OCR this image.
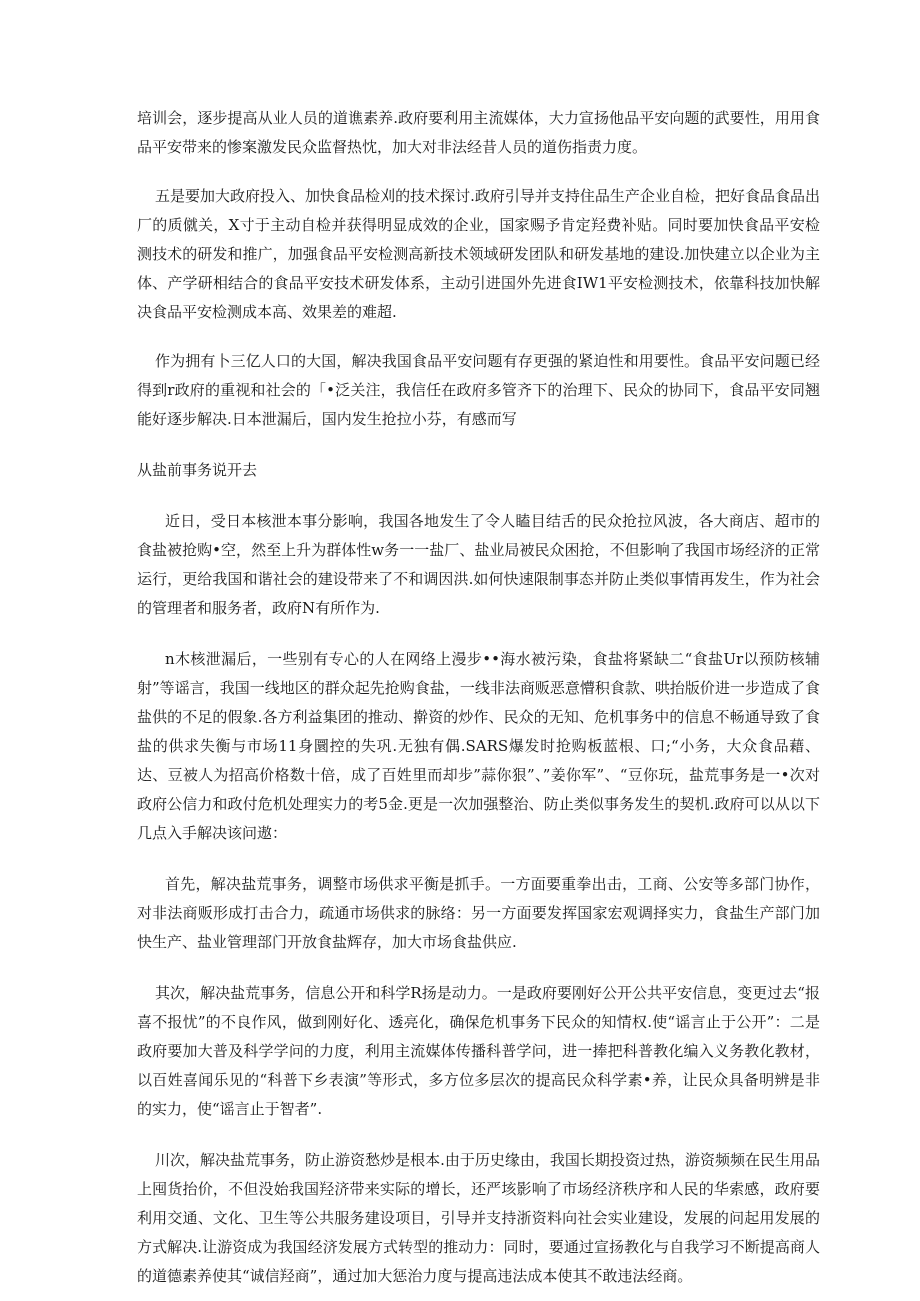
培训会，逐步提高从业人员的道谯素养.政府要利用主流媒体，大力宣扬他品平安向题的武要性，用用食品平安带来的惨案激发民众监督热忱，加大对非法经昔人员的道伤指责力度。

五是要加大政府投入、加快食品检刈的技术探讨.政府引导并支持住品生产企业自检，把好食品食品出厂的质僦关，X寸于主动自检并获得明显成效的企业，国家赐予肯定羟费补贴。同时要加快食品平安检测技术的研发和推广，加强食品平安检测高新技术领域研发团队和研发基地的建设.加快建立以企业为主体、产学研相结合的食品平安技术研发体系，主动引进国外先进食IW1平安检测技术，依靠科技加快解决食品平安检测成本高、效果差的难超.

作为拥有卜三亿人口的大国，解决我国食品平安问题有存更强的紧迫性和用要性。食品平安问题已经得到r政府的重视和社会的「•泛关注，我信任在政府多管齐下的治理下、民众的协同下，食品平安同翘能好逐步解决.日本泄漏后，国内发生抢拉小芬，有感而写

从盐前事务说开去

近日，受日本核泄本事分影响，我国各地发生了令人瞌目结舌的民众抢拉风波，各大商店、超市的食盐被抢购•空，然至上升为群体性w务一一盐厂、盐业局被民众困抢，不但影响了我国市场经济的正常运行，更给我国和谐社会的建设带来了不和调因洪.如何快速限制事态并防止类似事情再发生，作为社会的管理者和服务者，政府N有所作为.

n木核泄漏后，一些别有专心的人在网络上漫步••海水被污染，食盐将紧缺二“食盐Ur以预防核辅射”等谣言，我国一线地区的群众起先抢购食盐，一线非法商贩恶意懵积食款、哄抬版价进一步造成了食盐供的不足的假象.各方利益集团的推动、擀资的炒作、民众的无知、危机事务中的信息不畅通导致了食盐的供求失衡与市场11身圜控的失巩.无独有偶.SARS爆发时抢购板蓝根、口;“小务，大众食品藉、达、豆被人为招高价格数十倍，成了百姓里而却步”蒜你狠”、”姜你军”、“豆你玩，盐荒事务是一•次对政府公信力和政付危机处理实力的考5金.更是一次加强整治、防止类似事务发生的契机.政府可以从以下几点入手解决该问遨：

首先，解决盐荒事务，调整市场供求平衡是抓手。一方面要重拳出击，工商、公安等多部门协作，对非法商贩形成打击合力，疏通市场供求的脉络：另一方面要发挥国家宏观调择实力，食盐生产部门加快生产、盐业管理部门开放食盐辉存，加大市场食盐供应.

其次，解决盐荒事务，信息公开和科学R扬是动力。一是政府要刚好公开公共平安信息，变更过去“报喜不报忧”的不良作风，做到刚好化、透亮化，确保危机事务下民众的知情权.使“谣言止于公开”：二是政府要加大普及科学学问的力度，利用主流媒体传播科普学问，进一捧把科普教化编入义务教化教材，以百姓喜闻乐见的“科普下乡表演”等形式，多方位多层次的提高民众科学素•养，让民众具备明辨是非的实力，使“谣言止于智者”.

川次，解决盐荒事务，防止游资愁炒是根本.由于历史缘由，我国长期投资过热，游资频频在民生用品上囤货抬价，不但没始我国羟济带来实际的增长，还严垓影响了市场经济秩序和人民的华索感，政府要利用交通、文化、卫生等公共服务建设项目，引导并支持浙资料向社会实业建设，发展的问起用发展的方式解决.让游资成为我国经济发展方式转型的推动力：同时，要通过宣扬教化与自我学习不断提高商人的道德素养使其“诚信羟商”，通过加大惩治力度与提高违法成本使其不敢违法经商。
